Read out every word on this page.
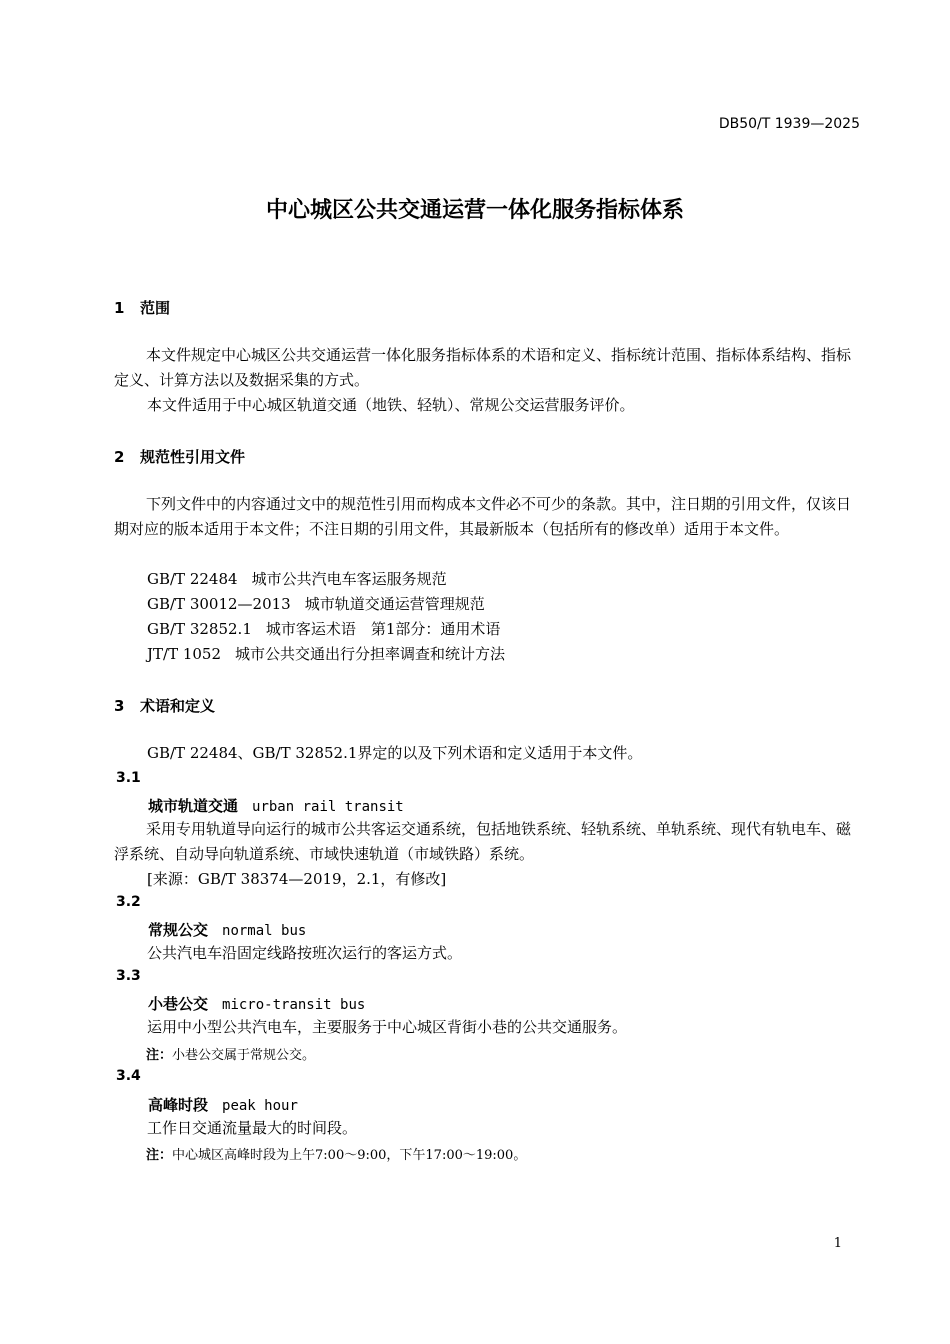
DB50/T 1939—2025
中心城区公共交通运营一体化服务指标体系
1 范围
本文件规定中心城区公共交通运营一体化服务指标体系的术语和定义、指标统计范围、指标体系结构、指标定义、计算方法以及数据采集的方式。
本文件适用于中心城区轨道交通（地铁、轻轨）、常规公交运营服务评价。
2 规范性引用文件
下列文件中的内容通过文中的规范性引用而构成本文件必不可少的条款。其中，注日期的引用文件，仅该日期对应的版本适用于本文件；不注日期的引用文件，其最新版本（包括所有的修改单）适用于本文件。
GB/T 22484 城市公共汽电车客运服务规范
GB/T 30012—2013 城市轨道交通运营管理规范
GB/T 32852.1 城市客运术语　第1部分：通用术语
JT/T 1052 城市公共交通出行分担率调查和统计方法
3 术语和定义
GB/T 22484、GB/T 32852.1界定的以及下列术语和定义适用于本文件。
3.1
城市轨道交通 urban rail transit
采用专用轨道导向运行的城市公共客运交通系统，包括地铁系统、轻轨系统、单轨系统、现代有轨电车、磁浮系统、自动导向轨道系统、市域快速轨道（市域铁路）系统。
[来源：GB/T 38374—2019，2.1，有修改]
3.2
常规公交 normal bus
公共汽电车沿固定线路按班次运行的客运方式。
3.3
小巷公交 micro-transit bus
运用中小型公共汽电车，主要服务于中心城区背街小巷的公共交通服务。
注：小巷公交属于常规公交。
3.4
高峰时段 peak hour
工作日交通流量最大的时间段。
注：中心城区高峰时段为上午7:00～9:00，下午17:00～19:00。
1
